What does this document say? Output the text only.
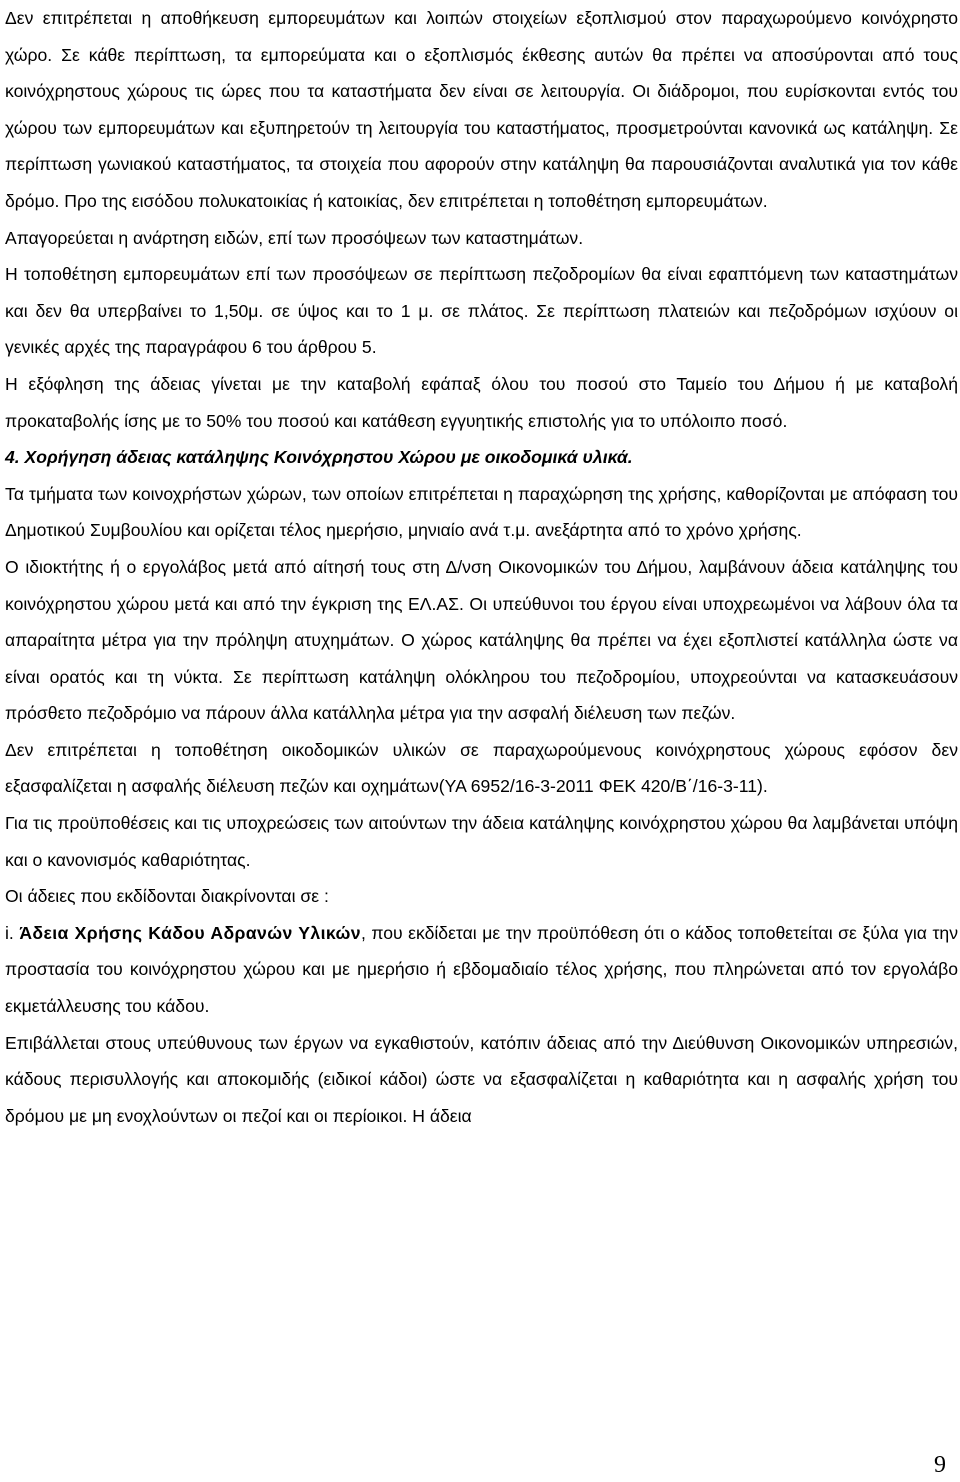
Δεν επιτρέπεται η αποθήκευση εμπορευμάτων και λοιπών στοιχείων εξοπλισμού στον παραχωρούμενο κοινόχρηστο χώρο. Σε κάθε περίπτωση, τα εμπορεύματα και ο εξοπλισμός έκθεσης αυτών θα πρέπει να αποσύρονται από τους κοινόχρηστους χώρους τις ώρες που τα καταστήματα δεν είναι σε λειτουργία. Οι διάδρομοι, που ευρίσκονται εντός του χώρου των εμπορευμάτων και εξυπηρετούν τη λειτουργία του καταστήματος, προσμετρούνται κανονικά ως κατάληψη. Σε περίπτωση γωνιακού καταστήματος, τα στοιχεία που αφορούν στην κατάληψη θα παρουσιάζονται αναλυτικά για τον κάθε δρόμο. Προ της εισόδου πολυκατοικίας ή κατοικίας, δεν επιτρέπεται η τοποθέτηση εμπορευμάτων.

Απαγορεύεται η ανάρτηση ειδών, επί των προσόψεων των καταστημάτων.

Η τοποθέτηση εμπορευμάτων επί των προσόψεων σε περίπτωση πεζοδρομίων θα είναι εφαπτόμενη των καταστημάτων και δεν θα υπερβαίνει το 1,50μ. σε ύψος και το 1 μ. σε πλάτος. Σε περίπτωση πλατειών και πεζοδρόμων ισχύουν οι γενικές αρχές της παραγράφου 6 του άρθρου 5.

Η εξόφληση της άδειας γίνεται με την καταβολή εφάπαξ όλου του ποσού στο Ταμείο του Δήμου ή με καταβολή προκαταβολής ίσης με το 50% του ποσού και κατάθεση εγγυητικής επιστολής για το υπόλοιπο ποσό.

4. Χορήγηση άδειας κατάληψης Κοινόχρηστου Χώρου με οικοδομικά υλικά.

Τα τμήματα των κοινοχρήστων χώρων, των οποίων επιτρέπεται η παραχώρηση της χρήσης, καθορίζονται με απόφαση του Δημοτικού Συμβουλίου και ορίζεται τέλος ημερήσιο, μηνιαίο ανά τ.μ. ανεξάρτητα από το χρόνο χρήσης.

Ο ιδιοκτήτης ή ο εργολάβος μετά από αίτησή τους στη Δ/νση Οικονομικών του Δήμου, λαμβάνουν άδεια κατάληψης του κοινόχρηστου χώρου μετά και από την έγκριση της ΕΛ.ΑΣ. Οι υπεύθυνοι του έργου είναι υποχρεωμένοι να λάβουν όλα τα απαραίτητα μέτρα για την πρόληψη ατυχημάτων. Ο χώρος κατάληψης θα πρέπει να έχει εξοπλιστεί κατάλληλα ώστε να είναι ορατός και τη νύκτα. Σε περίπτωση κατάληψη ολόκληρου του πεζοδρομίου, υποχρεούνται να κατασκευάσουν πρόσθετο πεζοδρόμιο να πάρουν άλλα κατάλληλα μέτρα για την ασφαλή διέλευση των πεζών.

Δεν επιτρέπεται η τοποθέτηση οικοδομικών υλικών σε παραχωρούμενους κοινόχρηστους χώρους εφόσον δεν εξασφαλίζεται η ασφαλής διέλευση πεζών και οχημάτων(ΥΑ 6952/16-3-2011 ΦΕΚ 420/Β΄/16-3-11).

Για τις προϋποθέσεις και τις υποχρεώσεις των αιτούντων την άδεια κατάληψης κοινόχρηστου χώρου θα λαμβάνεται υπόψη και ο κανονισμός καθαριότητας.

Οι άδειες που εκδίδονται διακρίνονται σε :

i. Άδεια Χρήσης Κάδου Αδρανών Υλικών, που εκδίδεται με την προϋπόθεση ότι ο κάδος τοποθετείται σε ξύλα για την προστασία του κοινόχρηστου χώρου και με ημερήσιο ή εβδομαδιαίο τέλος χρήσης, που πληρώνεται από τον εργολάβο εκμετάλλευσης του κάδου.

Επιβάλλεται στους υπεύθυνους των έργων να εγκαθιστούν, κατόπιν άδειας από την Διεύθυνση Οικονομικών υπηρεσιών, κάδους περισυλλογής και αποκομιδής (ειδικοί κάδοι) ώστε να εξασφαλίζεται η καθαριότητα και η ασφαλής χρήση του δρόμου με μη ενοχλούντων οι πεζοί και οι περίοικοι. Η άδεια

9
